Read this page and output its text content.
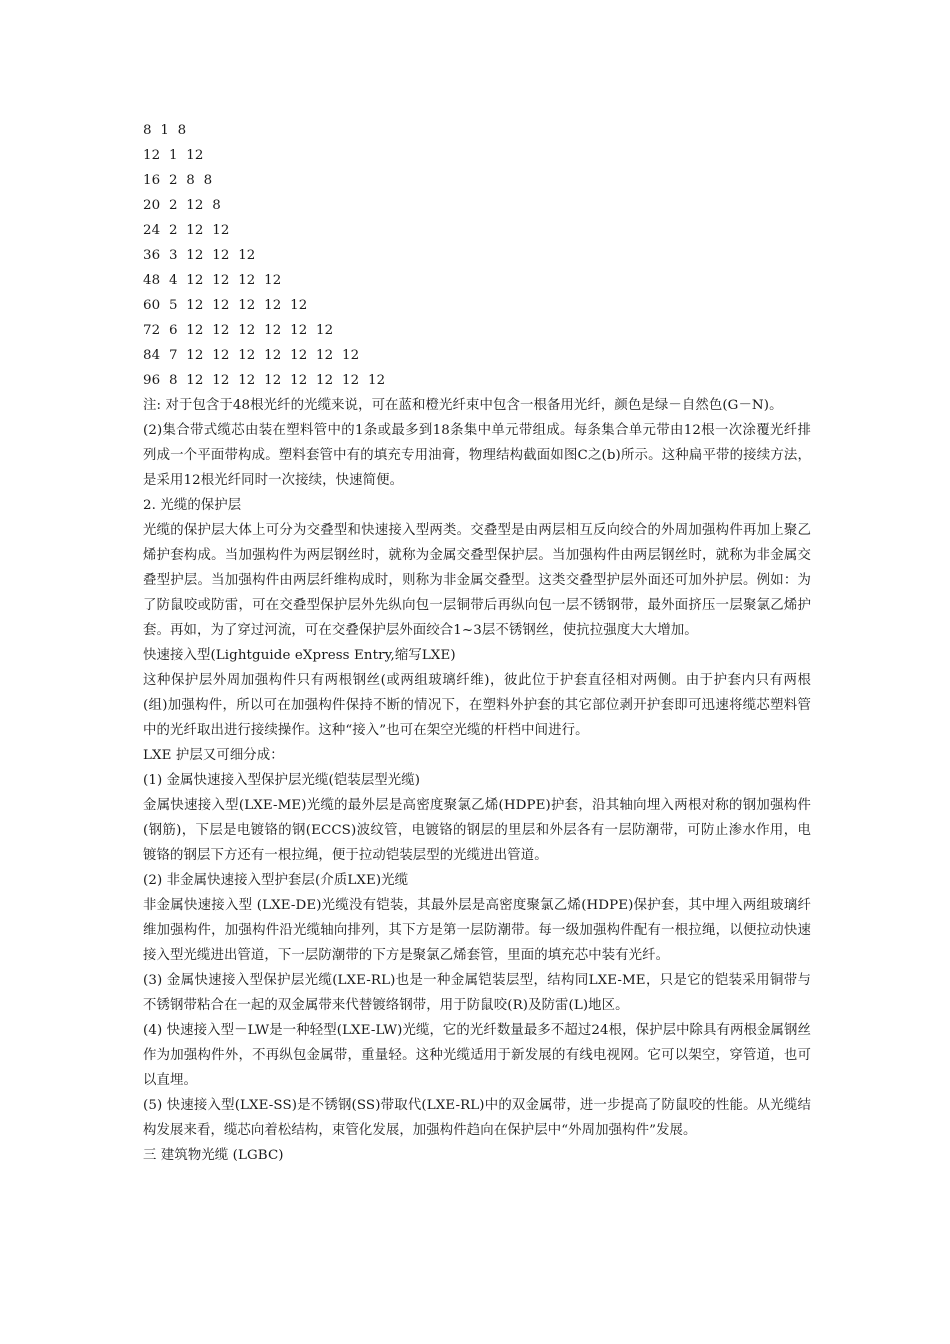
8  1  8
12  1  12
16  2  8  8
20  2  12  8
24  2  12  12
36  3  12  12  12
48  4  12  12  12  12
60  5  12  12  12  12  12
72  6  12  12  12  12  12  12
84  7  12  12  12  12  12  12  12
96  8  12  12  12  12  12  12  12  12
注: 对于包含于48根光纤的光缆来说，可在蓝和橙光纤束中包含一根备用光纤，颜色是绿－自然色(G－N)。
(2)集合带式缆芯由装在塑料管中的1条或最多到18条集中单元带组成。每条集合单元带由12根一次涂覆光纤排列成一个平面带构成。塑料套管中有的填充专用油膏，物理结构截面如图C之(b)所示。这种扁平带的接续方法，是采用12根光纤同时一次接续，快速简便。
2. 光缆的保护层
光缆的保护层大体上可分为交叠型和快速接入型两类。交叠型是由两层相互反向绞合的外周加强构件再加上聚乙烯护套构成。当加强构件为两层钢丝时，就称为金属交叠型保护层。当加强构件由两层钢丝时，就称为非金属交叠型护层。当加强构件由两层纤维构成时，则称为非金属交叠型。这类交叠型护层外面还可加外护层。例如：为了防鼠咬或防雷，可在交叠型保护层外先纵向包一层铜带后再纵向包一层不锈钢带，最外面挤压一层聚氯乙烯护套。再如，为了穿过河流，可在交叠保护层外面绞合1~3层不锈钢丝，使抗拉强度大大增加。
快速接入型(Lightguide eXpress Entry,缩写LXE)
这种保护层外周加强构件只有两根钢丝(或两组玻璃纤维)，彼此位于护套直径相对两侧。由于护套内只有两根(组)加强构件，所以可在加强构件保持不断的情况下，在塑料外护套的其它部位剥开护套即可迅速将缆芯塑料管中的光纤取出进行接续操作。这种“接入”也可在架空光缆的杆档中间进行。
LXE 护层又可细分成：
(1) 金属快速接入型保护层光缆(铠装层型光缆)
金属快速接入型(LXE-ME)光缆的最外层是高密度聚氯乙烯(HDPE)护套，沿其轴向埋入两根对称的钢加强构件(钢筋)，下层是电镀铬的钢(ECCS)波纹管，电镀铬的钢层的里层和外层各有一层防潮带，可防止渗水作用，电镀铬的钢层下方还有一根拉绳，便于拉动铠装层型的光缆进出管道。
(2) 非金属快速接入型护套层(介质LXE)光缆
非金属快速接入型 (LXE-DE)光缆没有铠装，其最外层是高密度聚氯乙烯(HDPE)保护套，其中埋入两组玻璃纤维加强构件，加强构件沿光缆轴向排列，其下方是第一层防潮带。每一级加强构件配有一根拉绳，以便拉动快速接入型光缆进出管道，下一层防潮带的下方是聚氯乙烯套管，里面的填充芯中装有光纤。
(3) 金属快速接入型保护层光缆(LXE-RL)也是一种金属铠装层型，结构同LXE-ME，只是它的铠装采用铜带与不锈钢带粘合在一起的双金属带来代替镀络钢带，用于防鼠咬(R)及防雷(L)地区。
(4) 快速接入型－LW是一种轻型(LXE-LW)光缆，它的光纤数量最多不超过24根，保护层中除具有两根金属钢丝作为加强构件外，不再纵包金属带，重量轻。这种光缆适用于新发展的有线电视网。它可以架空，穿管道，也可以直埋。
(5) 快速接入型(LXE-SS)是不锈钢(SS)带取代(LXE-RL)中的双金属带，进一步提高了防鼠咬的性能。从光缆结构发展来看，缆芯向着松结构，束管化发展，加强构件趋向在保护层中“外周加强构件”发展。
三 建筑物光缆 (LGBC)
